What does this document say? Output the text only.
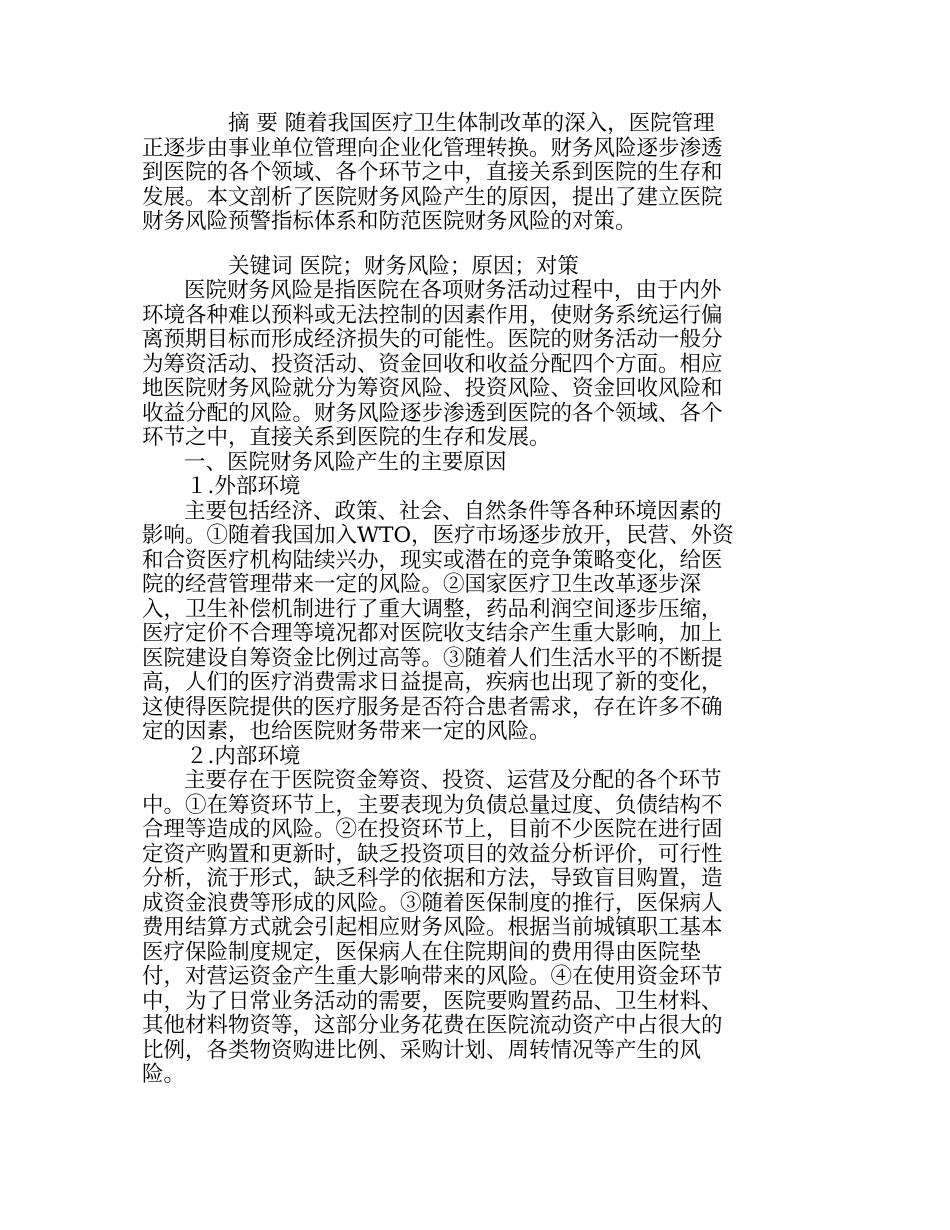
摘 要 随着我国医疗卫生体制改革的深入，医院管理
正逐步由事业单位管理向企业化管理转换。财务风险逐步渗透
到医院的各个领域、各个环节之中，直接关系到医院的生存和
发展。本文剖析了医院财务风险产生的原因，提出了建立医院
财务风险预警指标体系和防范医院财务风险的对策。
关键词 医院；财务风险；原因；对策
医院财务风险是指医院在各项财务活动过程中，由于内外
环境各种难以预料或无法控制的因素作用，使财务系统运行偏
离预期目标而形成经济损失的可能性。医院的财务活动一般分
为筹资活动、投资活动、资金回收和收益分配四个方面。相应
地医院财务风险就分为筹资风险、投资风险、资金回收风险和
收益分配的风险。财务风险逐步渗透到医院的各个领域、各个
环节之中，直接关系到医院的生存和发展。
一、医院财务风险产生的主要原因
１.外部环境
主要包括经济、政策、社会、自然条件等各种环境因素的
影响。①随着我国加入WTO，医疗市场逐步放开，民营、外资
和合资医疗机构陆续兴办，现实或潜在的竞争策略变化，给医
院的经营管理带来一定的风险。②国家医疗卫生改革逐步深
入，卫生补偿机制进行了重大调整，药品利润空间逐步压缩，
医疗定价不合理等境况都对医院收支结余产生重大影响，加上
医院建设自筹资金比例过高等。③随着人们生活水平的不断提
高，人们的医疗消费需求日益提高，疾病也出现了新的变化，
这使得医院提供的医疗服务是否符合患者需求，存在许多不确
定的因素，也给医院财务带来一定的风险。
２.内部环境
主要存在于医院资金筹资、投资、运营及分配的各个环节
中。①在筹资环节上，主要表现为负债总量过度、负债结构不
合理等造成的风险。②在投资环节上，目前不少医院在进行固
定资产购置和更新时，缺乏投资项目的效益分析评价，可行性
分析，流于形式，缺乏科学的依据和方法，导致盲目购置，造
成资金浪费等形成的风险。③随着医保制度的推行，医保病人
费用结算方式就会引起相应财务风险。根据当前城镇职工基本
医疗保险制度规定，医保病人在住院期间的费用得由医院垫
付，对营运资金产生重大影响带来的风险。④在使用资金环节
中，为了日常业务活动的需要，医院要购置药品、卫生材料、
其他材料物资等，这部分业务花费在医院流动资产中占很大的
比例，各类物资购进比例、采购计划、周转情况等产生的风
险。
